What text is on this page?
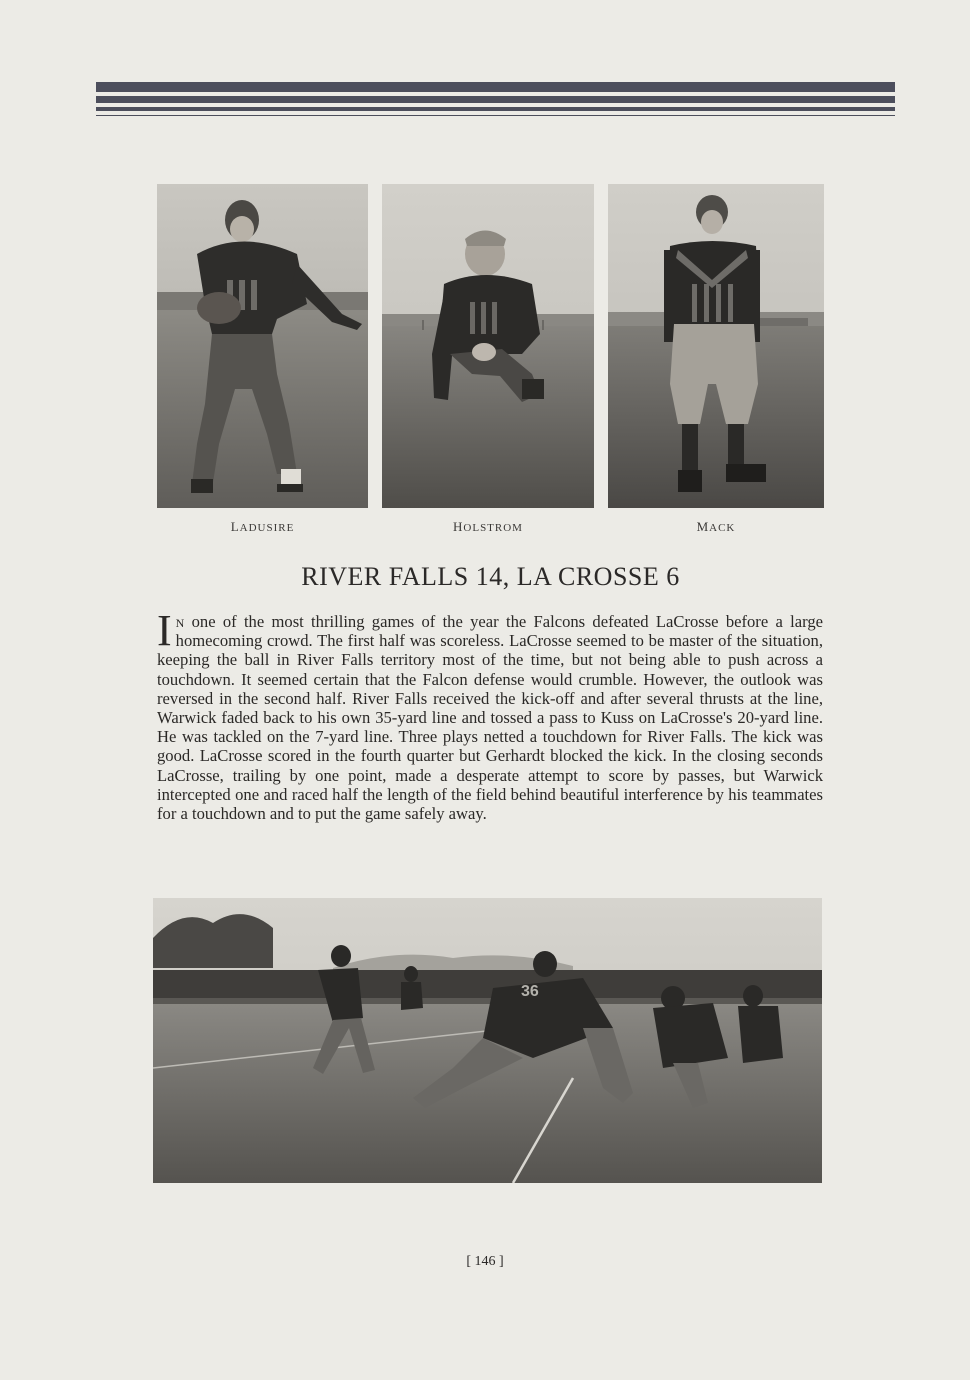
LADUSIRE	HOLSTROM	MACK
RIVER FALLS 14, LA CROSSE 6
In one of the most thrilling games of the year the Falcons defeated LaCrosse before a large homecoming crowd. The first half was scoreless. LaCrosse seemed to be master of the situation, keeping the ball in River Falls territory most of the time, but not being able to push across a touchdown. It seemed certain that the Falcon defense would crumble. However, the outlook was reversed in the second half. River Falls received the kick-off and after several thrusts at the line, Warwick faded back to his own 35-yard line and tossed a pass to Kuss on LaCrosse's 20-yard line. He was tackled on the 7-yard line. Three plays netted a touchdown for River Falls. The kick was good. LaCrosse scored in the fourth quarter but Gerhardt blocked the kick. In the closing seconds LaCrosse, trailing by one point, made a desperate attempt to score by passes, but Warwick intercepted one and raced half the length of the field behind beautiful interference by his teammates for a touchdown and to put the game safely away.
36
[ 146 ]
